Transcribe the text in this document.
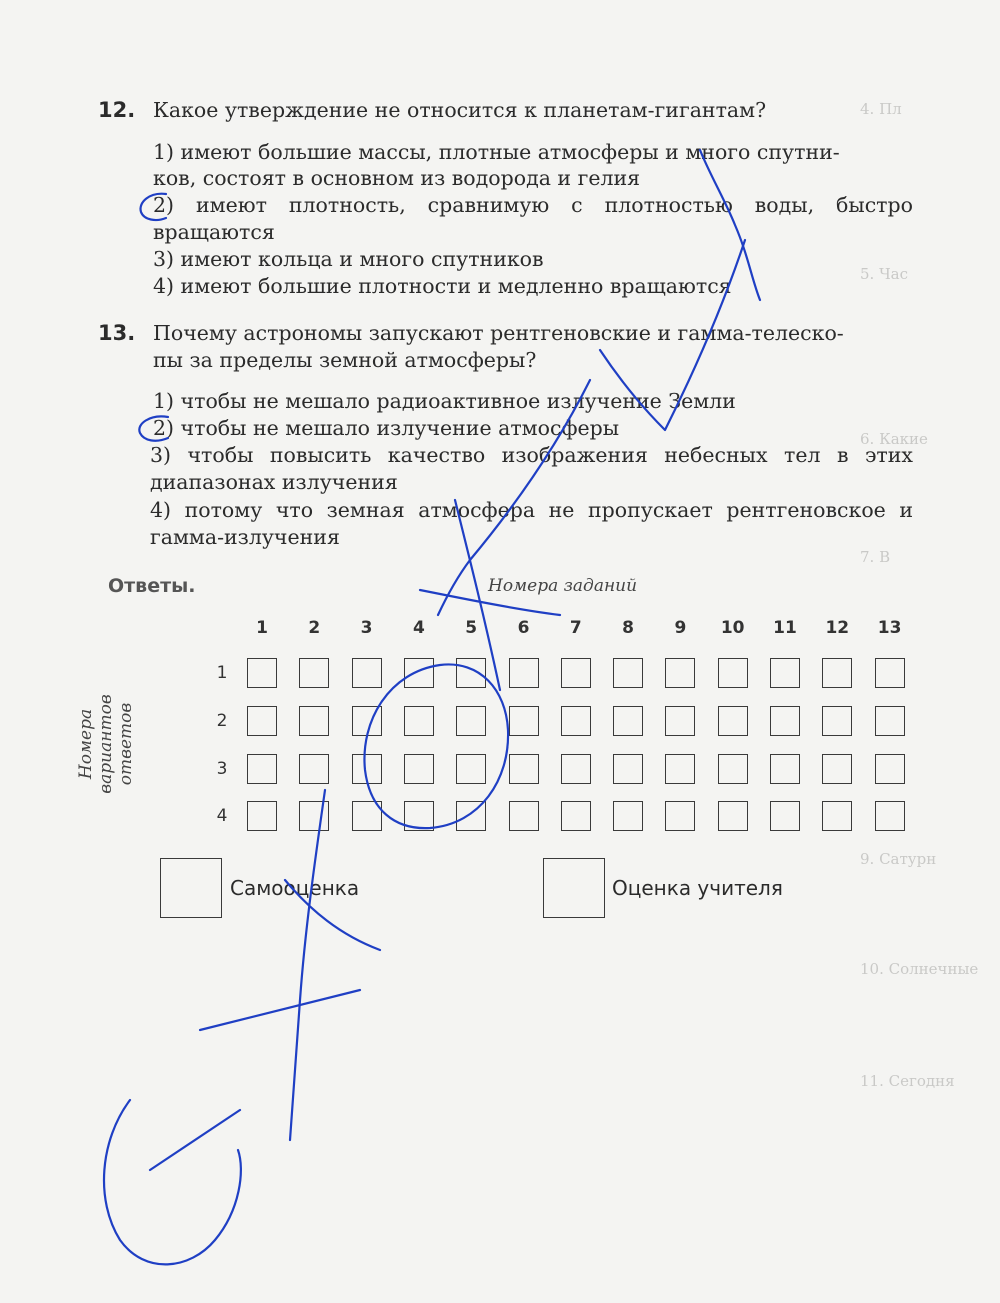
4. Пл
5. Час
6. Какие
7. В
9. Сатурн
10. Солнечные
11. Сегодня
12. Какое утверждение не относится к планетам-гигантам?
1) имеют большие массы, плотные атмосферы и много спутни-
ков, состоят в основном из водорода и гелия
2) имеют плотность, сравнимую с плотностью воды, быстро вращаются
3) имеют кольца и много спутников
4) имеют большие плотности и медленно вращаются
13. Почему астрономы запускают рентгеновские и гамма-телеско-
пы за пределы земной атмосферы?
1) чтобы не мешало радиоактивное излучение Земли
2) чтобы не мешало излучение атмосферы
3) чтобы повысить качество изображения небесных тел в этих диапазонах излучения
4) потому что земная атмосфера не пропускает рентгеновское и гамма-излучения
Ответы.	Номера заданий
Номера вариантов ответов
1	2	3	4	5	6	7	8	9	10	11	12	13
1
2
3
4
Самооценка	Оценка учителя
